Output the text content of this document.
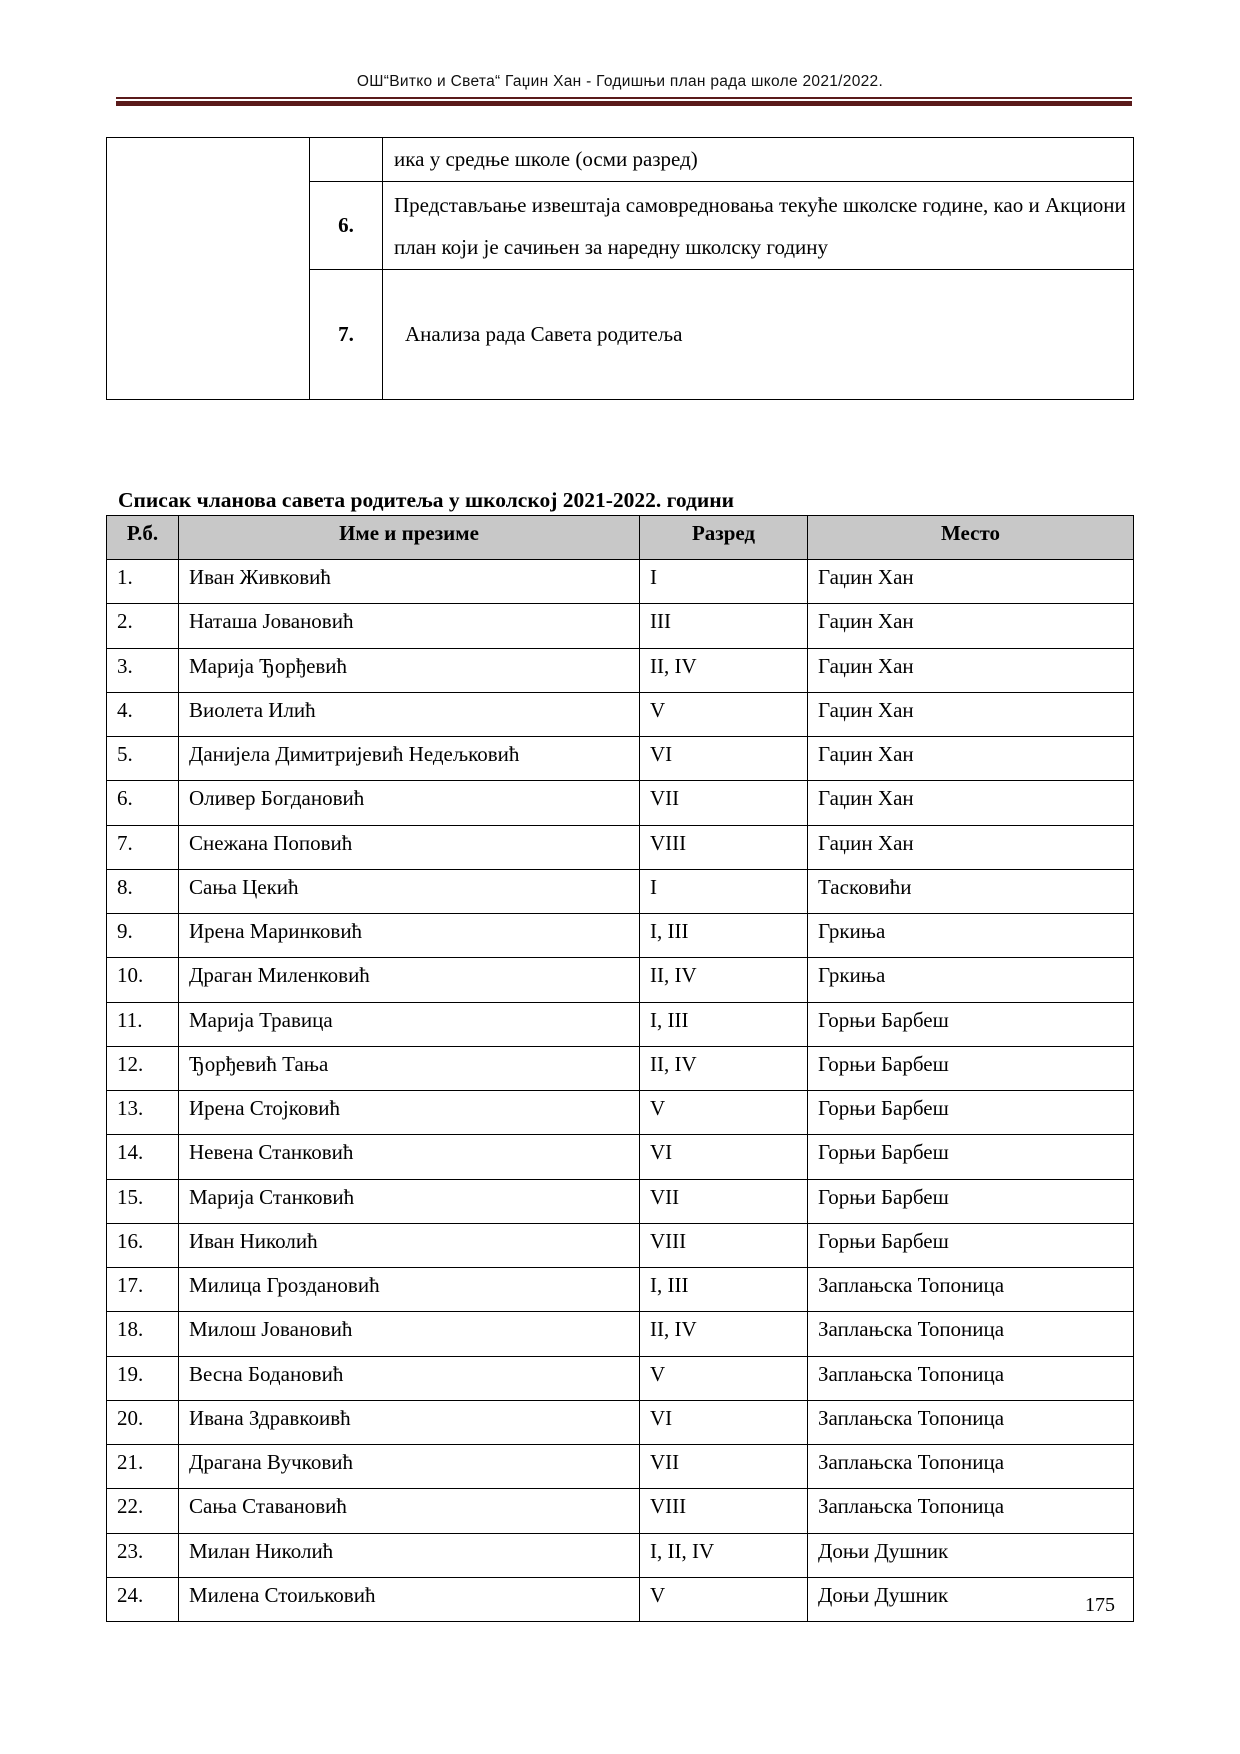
ОШ“Витко и Света“ Гаџин Хан - Годишњи план рада школе 2021/2022.
		ика у средње школе (осми разред)
	6.	Представљање извештаја самовредновања текуће школске године, као и Акциони план који је сачињен за наредну школску годину
	7.	Анализа рада Савета родитеља
Списак чланова савета родитеља у школској 2021-2022. години
Р.б.	Име и презиме	Разред	Место

1.	Иван Живковић	I	Гаџин Хан

2.	Наташа Јовановић	III	Гаџин Хан

3.	Марија Ђорђевић	II, IV	Гаџин Хан

4.	Виолета Илић	V	Гаџин Хан

5.	Данијела Димитријевић Недељковић	VI	Гаџин Хан

6.	Оливер Богдановић	VII	Гаџин Хан

7.	Снежана Поповић	VIII	Гаџин Хан

8.	Сања Цекић	I	Тасковићи

9.	Ирена Маринковић	I, III	Гркиња

10.	Драган Миленковић	II, IV	Гркиња

11.	Марија Травица	I, III	Горњи Барбеш

12.	Ђорђевић Тања	II, IV	Горњи Барбеш

13.	Ирена Стојковић	V	Горњи Барбеш

14.	Невена Станковић	VI	Горњи Барбеш

15.	Марија Станковић	VII	Горњи Барбеш

16.	Иван Николић	VIII	Горњи Барбеш

17.	Милица Гроздановић	I, III	Заплањска Топоница

18.	Милош Јовановић	II, IV	Заплањска Топоница

19.	Весна Бодановић	V	Заплањска Топоница

20.	Ивана Здравкоивћ	VI	Заплањска Топоница

21.	Драгана Вучковић	VII	Заплањска Топоница

22.	Сања Ставановић	VIII	Заплањска Топоница

23.	Милан Николић	I, II, IV	Доњи Душник

24.	Милена Стоиљковић	V	Доњи Душник	175
